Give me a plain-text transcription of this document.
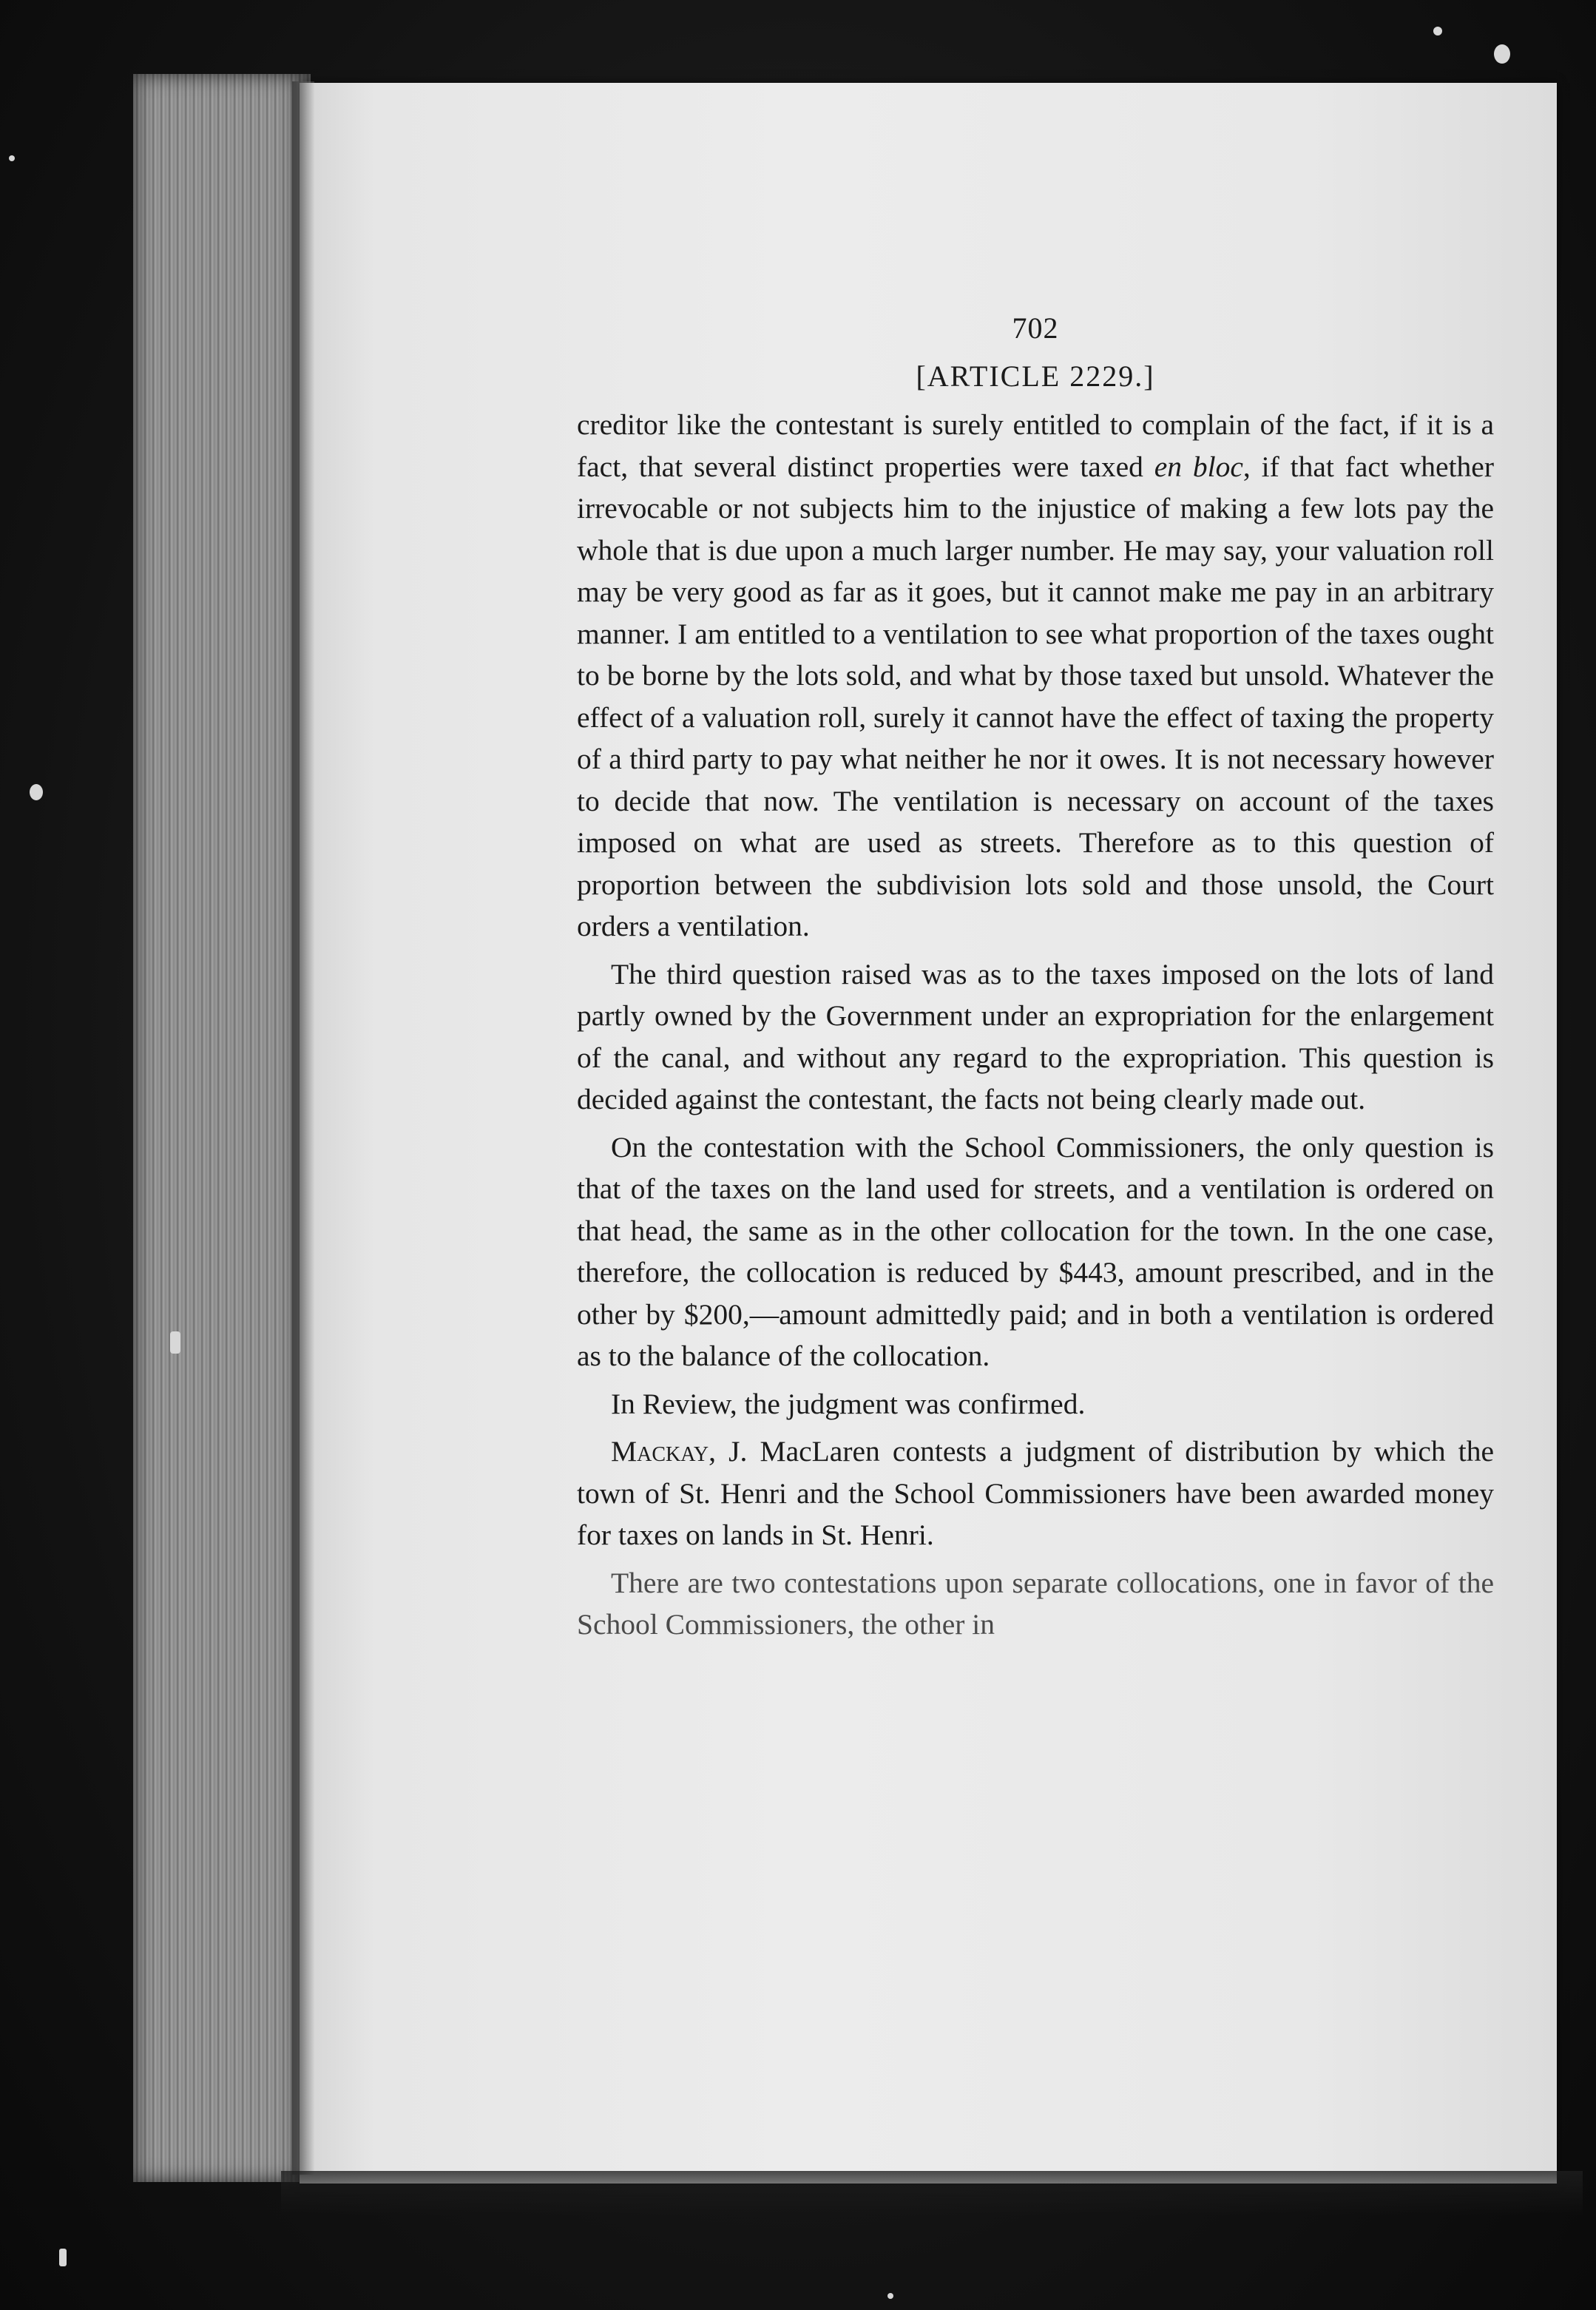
702
[ARTICLE 2229.]

creditor like the contestant is surely entitled to complain of the fact, if it is a fact, that several distinct properties were taxed en bloc, if that fact whether irrevocable or not subjects him to the injustice of making a few lots pay the whole that is due upon a much larger number. He may say, your valuation roll may be very good as far as it goes, but it cannot make me pay in an arbitrary manner. I am entitled to a ventilation to see what proportion of the taxes ought to be borne by the lots sold, and what by those taxed but unsold. Whatever the effect of a valuation roll, surely it cannot have the effect of taxing the property of a third party to pay what neither he nor it owes. It is not necessary however to decide that now. The ventilation is necessary on account of the taxes imposed on what are used as streets. Therefore as to this question of proportion between the subdivision lots sold and those unsold, the Court orders a ventilation.

The third question raised was as to the taxes imposed on the lots of land partly owned by the Government under an expropriation for the enlargement of the canal, and without any regard to the expropriation. This question is decided against the contestant, the facts not being clearly made out.

On the contestation with the School Commissioners, the only question is that of the taxes on the land used for streets, and a ventilation is ordered on that head, the same as in the other collocation for the town. In the one case, therefore, the collocation is reduced by $443, amount prescribed, and in the other by $200,—amount admittedly paid; and in both a ventilation is ordered as to the balance of the collocation.

In Review, the judgment was confirmed.

Mackay, J. MacLaren contests a judgment of distribution by which the town of St. Henri and the School Commissioners have been awarded money for taxes on lands in St. Henri.

There are two contestations upon separate collocations, one in favor of the School Commissioners, the other in
